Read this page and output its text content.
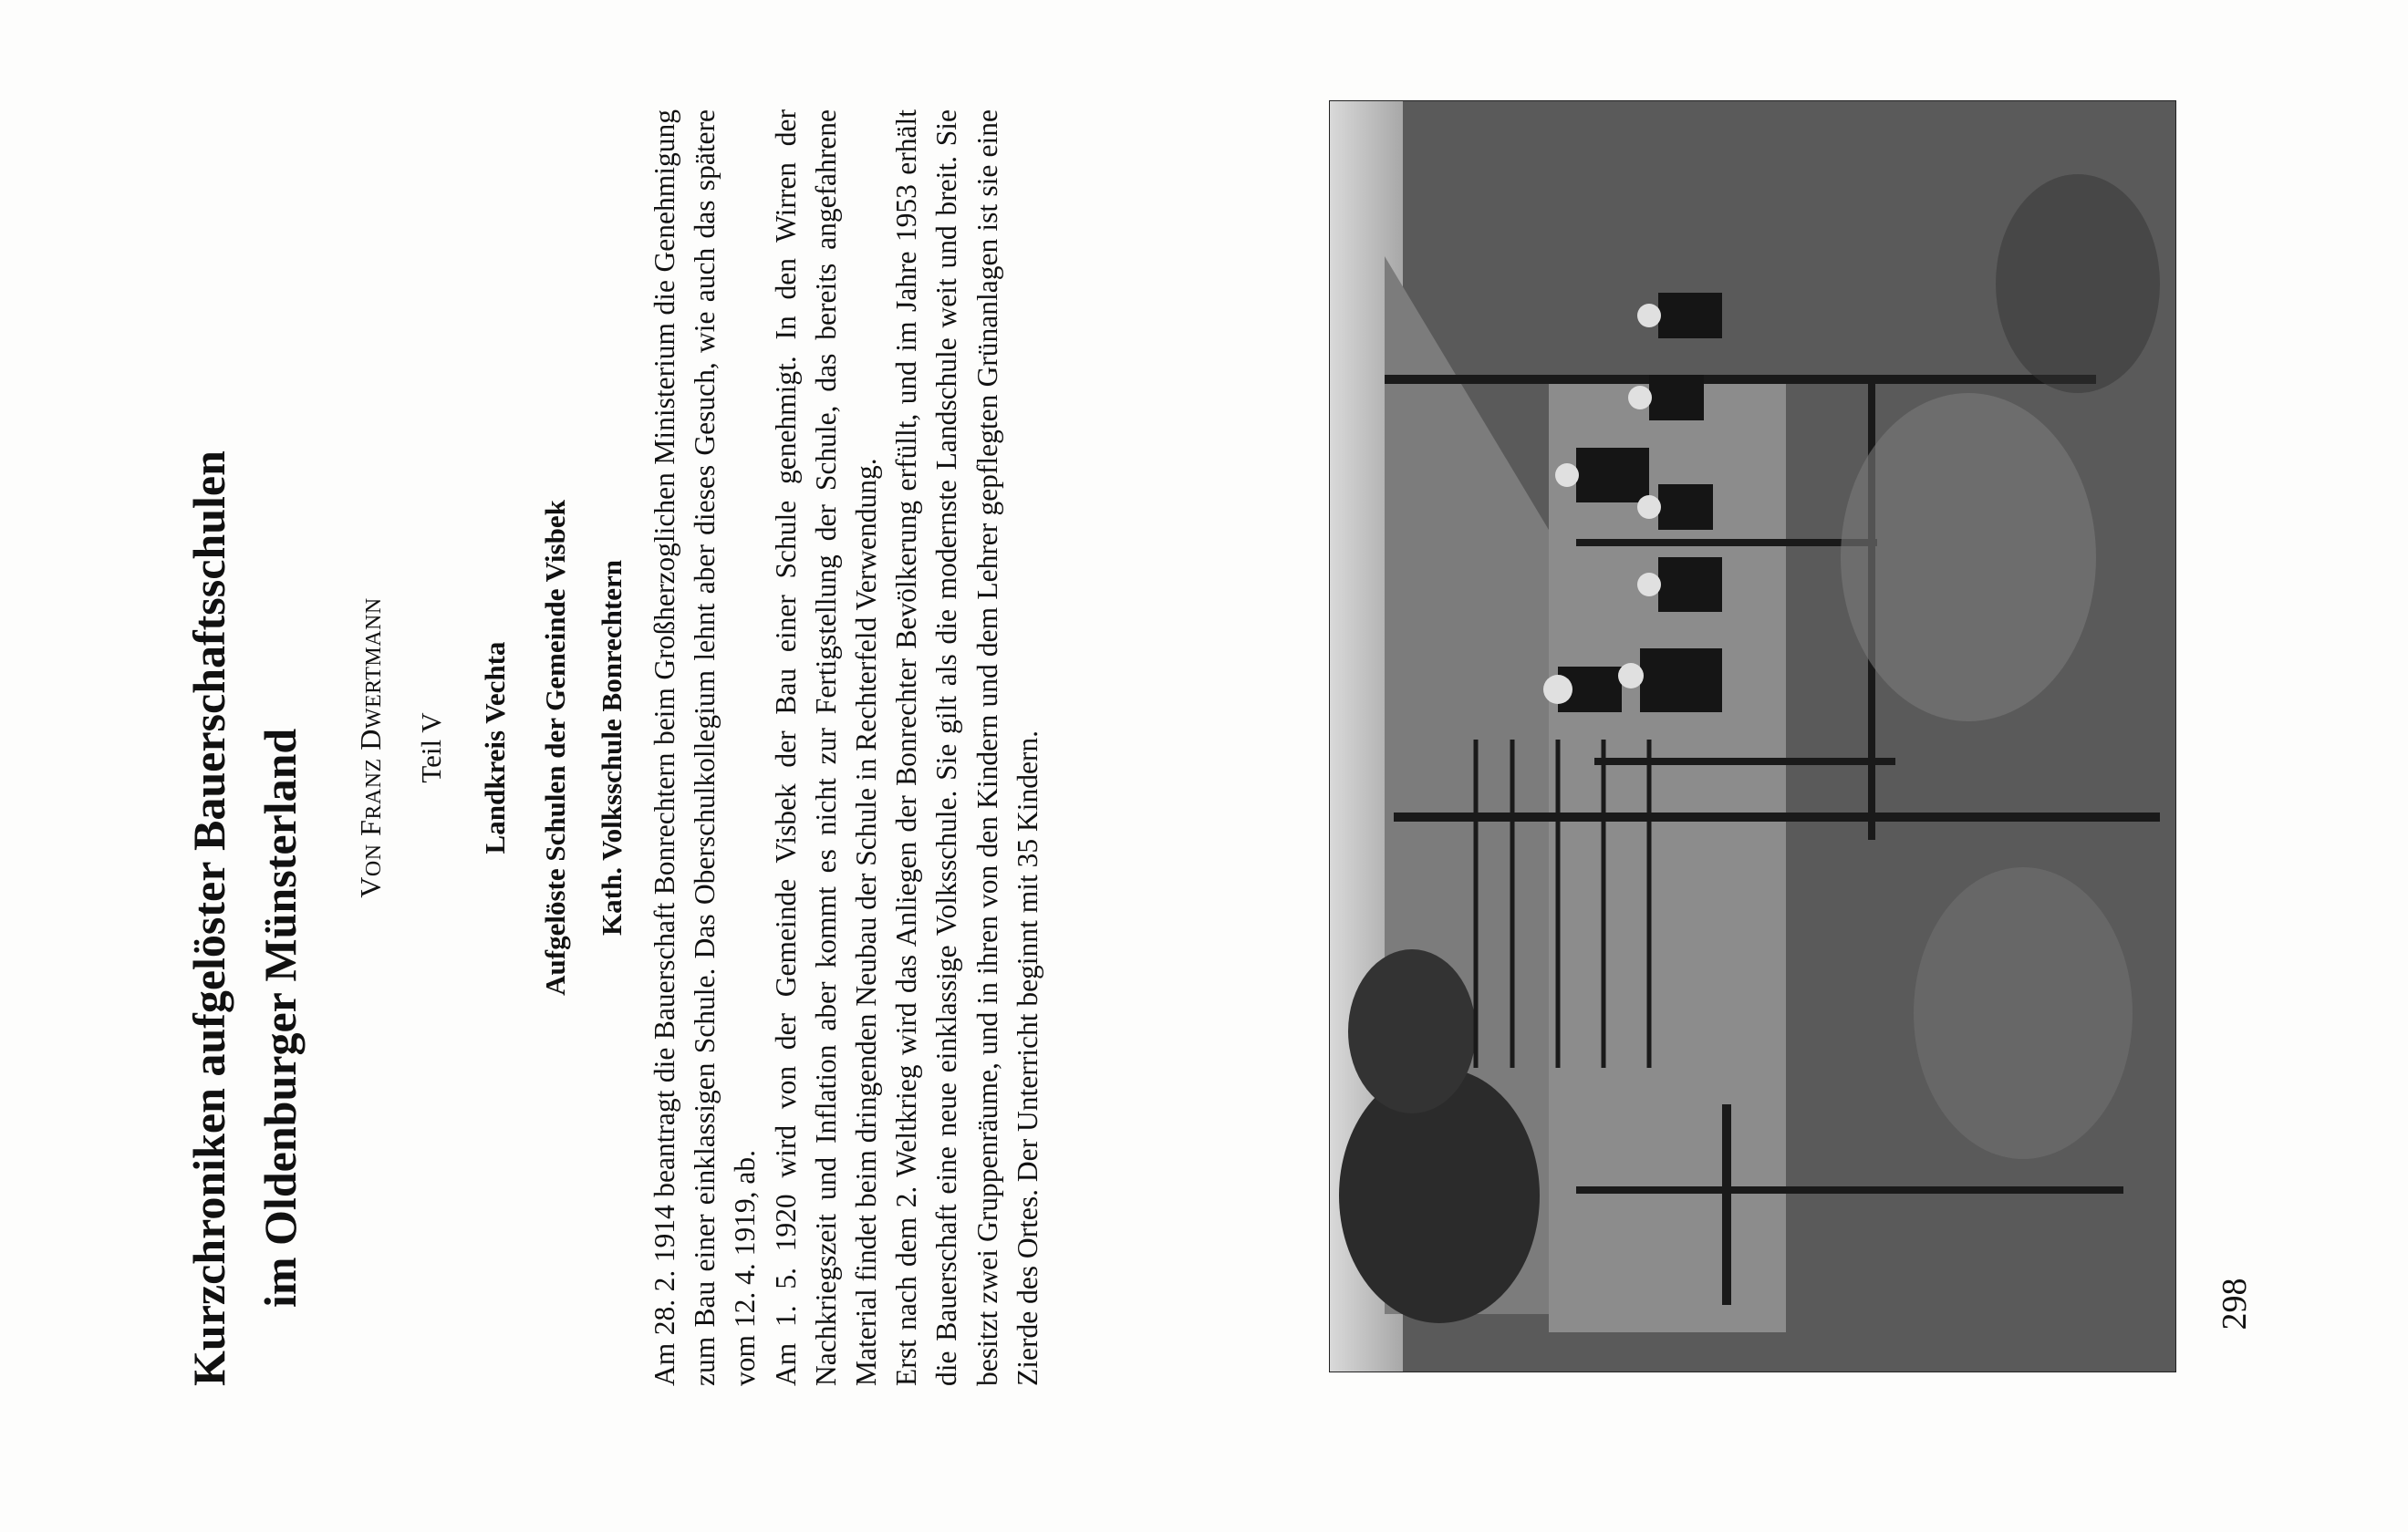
Kurzchroniken aufgelöster Bauerschaftsschulen im Oldenburger Münsterland	VON FRANZ DWERTMANN
Teil V Landkreis Vechta Aufgelöste Schulen der Gemeinde Visbek Kath. Volksschule Bonrechtern Am 28. 2. 1914 beantragt die Bauerschaft Bonrechtern beim Großherzoglichen Ministerium die Genehmigung zum Bau einer einklassigen Schule. Das Oberschulkollegium lehnt aber dieses Gesuch, wie auch das spätere vom 12. 4. 1919, ab. Am 1. 5. 1920 wird von der Gemeinde Visbek der Bau einer Schule genehmigt. In den Wirren der Nachkriegszeit und Inflation aber kommt es nicht zur Fertigstellung der Schule, das bereits angefahrene Material findet beim dringenden Neubau der Schule in Rechterfeld Verwendung. Erst nach dem 2. Weltkrieg wird das Anliegen der Bonrechter Bevölkerung erfüllt, und im Jahre 1953 erhält die Bauerschaft eine neue einklassige Volksschule. Sie gilt als die modernste Landschule weit und breit. Sie besitzt zwei Gruppenräume, und in ihren von den Kindern und dem Lehrer gepflegten Grünanlagen ist sie eine Zierde des Ortes. Der Unterricht beginnt mit 35 Kindern.	298
